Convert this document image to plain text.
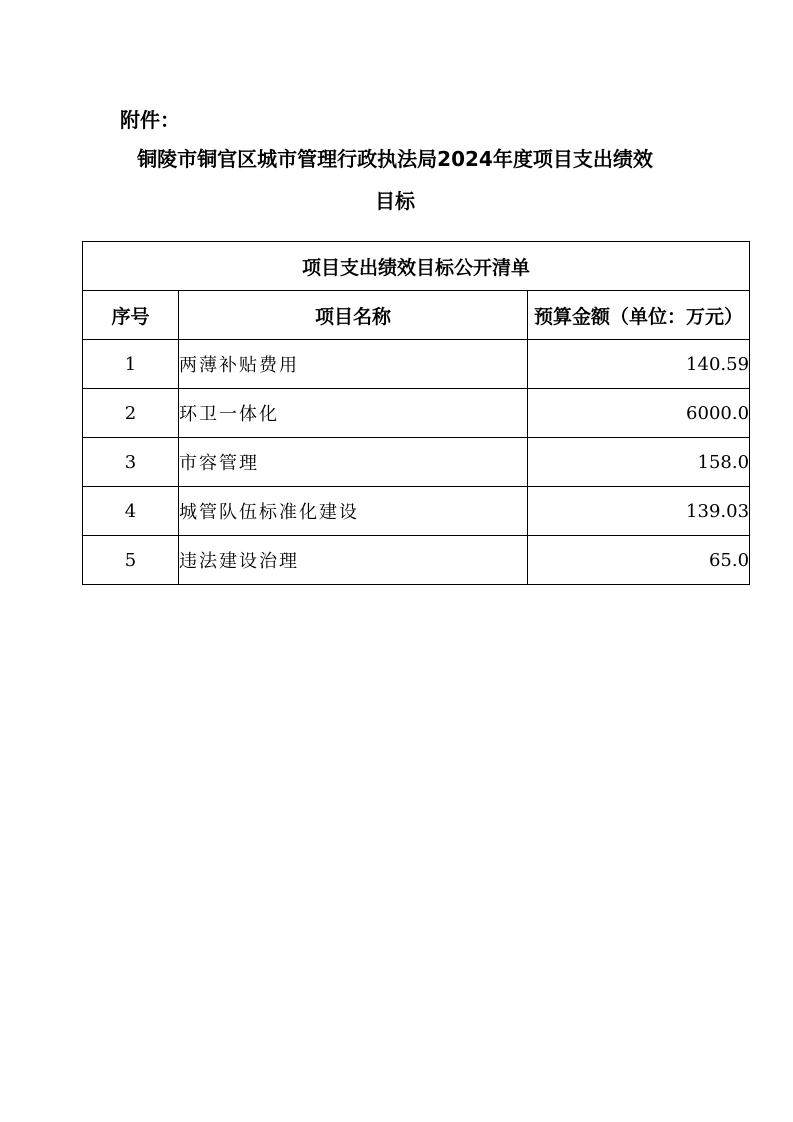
附件：
铜陵市铜官区城市管理行政执法局2024年度项目支出绩效
目标
项目支出绩效目标公开清单		
序号	项目名称	预算金额（单位：万元）
1	两薄补贴费用	140.59
2	环卫一体化	6000.0
3	市容管理	158.0
4	城管队伍标准化建设	139.03
5	违法建设治理	65.0
